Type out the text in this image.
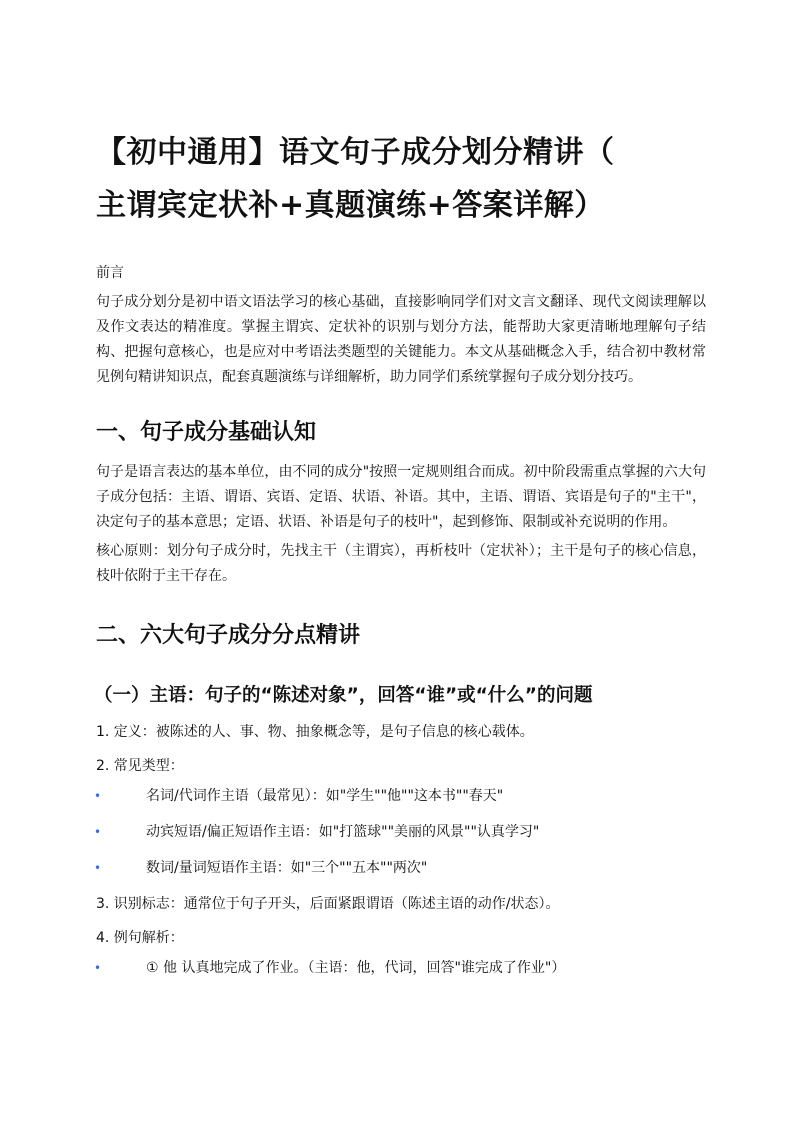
【初中通用】语文句子成分划分精讲（
主谓宾定状补+真题演练+答案详解）
前言

句子成分划分是初中语文语法学习的核心基础，直接影响同学们对文言文翻译、现代文阅读理解以及作文表达的精准度。掌握主谓宾、定状补的识别与划分方法，能帮助大家更清晰地理解句子结构、把握句意核心，也是应对中考语法类题型的关键能力。本文从基础概念入手，结合初中教材常见例句精讲知识点，配套真题演练与详细解析，助力同学们系统掌握句子成分划分技巧。

一、句子成分基础认知

句子是语言表达的基本单位，由不同的成分"按照一定规则组合而成。初中阶段需重点掌握的六大句子成分包括：主语、谓语、宾语、定语、状语、补语。其中，主语、谓语、宾语是句子的"主干"，决定句子的基本意思；定语、状语、补语是句子的枝叶"，起到修饰、限制或补充说明的作用。

核心原则：划分句子成分时，先找主干（主谓宾），再析枝叶（定状补）；主干是句子的核心信息，枝叶依附于主干存在。

二、六大句子成分分点精讲
（一）主语：句子的“陈述对象”，回答“谁”或“什么”的问题
1. 定义：被陈述的人、事、物、抽象概念等，是句子信息的核心载体。
2. 常见类型：
•	名词/代词作主语（最常见）：如"学生""他""这本书""春天"
•	动宾短语/偏正短语作主语：如"打篮球""美丽的风景""认真学习"
•	数词/量词短语作主语：如"三个""五本""两次"
3. 识别标志：通常位于句子开头，后面紧跟谓语（陈述主语的动作/状态）。
4. 例句解析：
•	① 他 认真地完成了作业。（主语：他，代词，回答"谁完成了作业"）
